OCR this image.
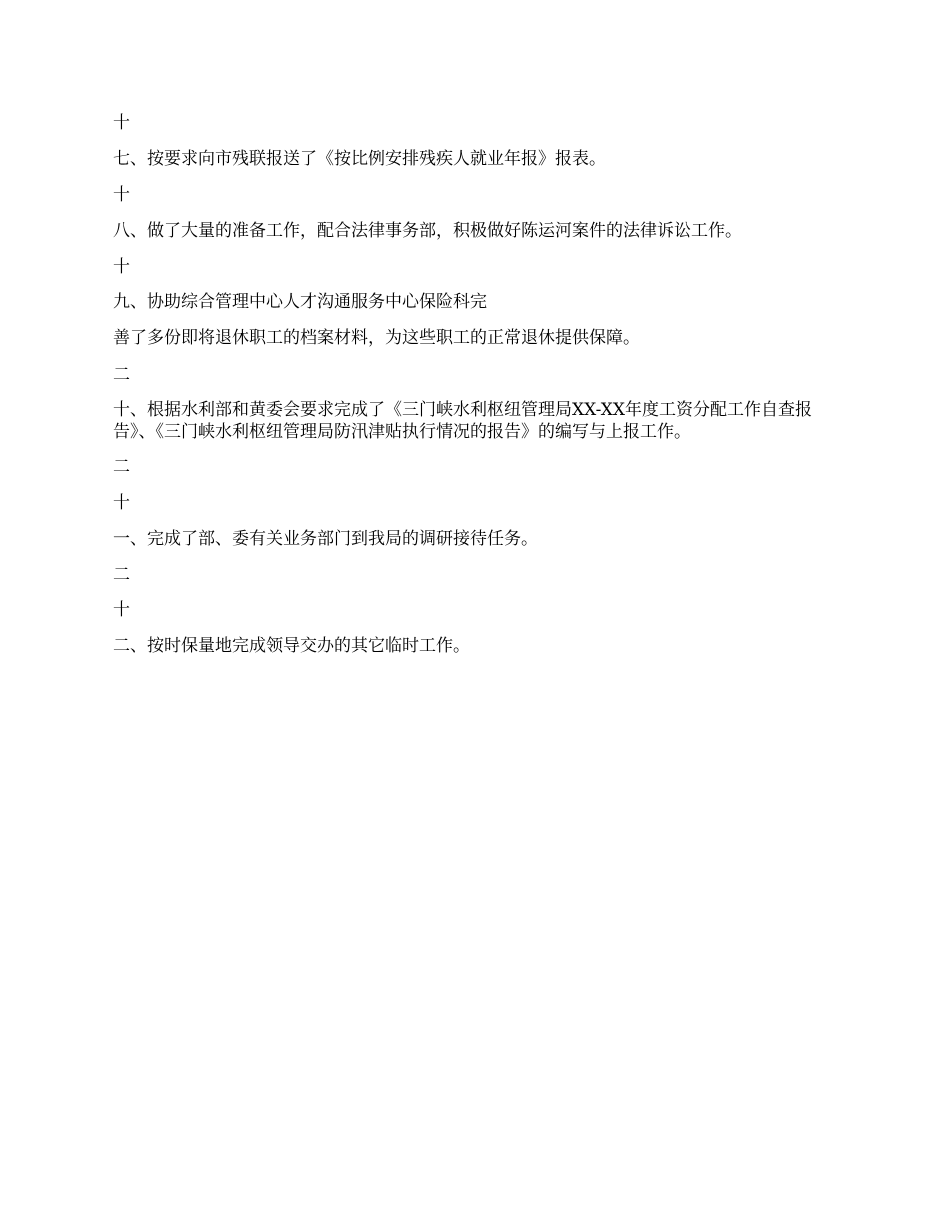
十
七、按要求向市残联报送了《按比例安排残疾人就业年报》报表。
十
八、做了大量的准备工作，配合法律事务部，积极做好陈运河案件的法律诉讼工作。
十
九、协助综合管理中心人才沟通服务中心保险科完
善了多份即将退休职工的档案材料，为这些职工的正常退休提供保障。
二
十、根据水利部和黄委会要求完成了《三门峡水利枢纽管理局XX-XX年度工资分配工作自查报告》、《三门峡水利枢纽管理局防汛津贴执行情况的报告》的编写与上报工作。
二
十
一、完成了部、委有关业务部门到我局的调研接待任务。
二
十
二、按时保量地完成领导交办的其它临时工作。
